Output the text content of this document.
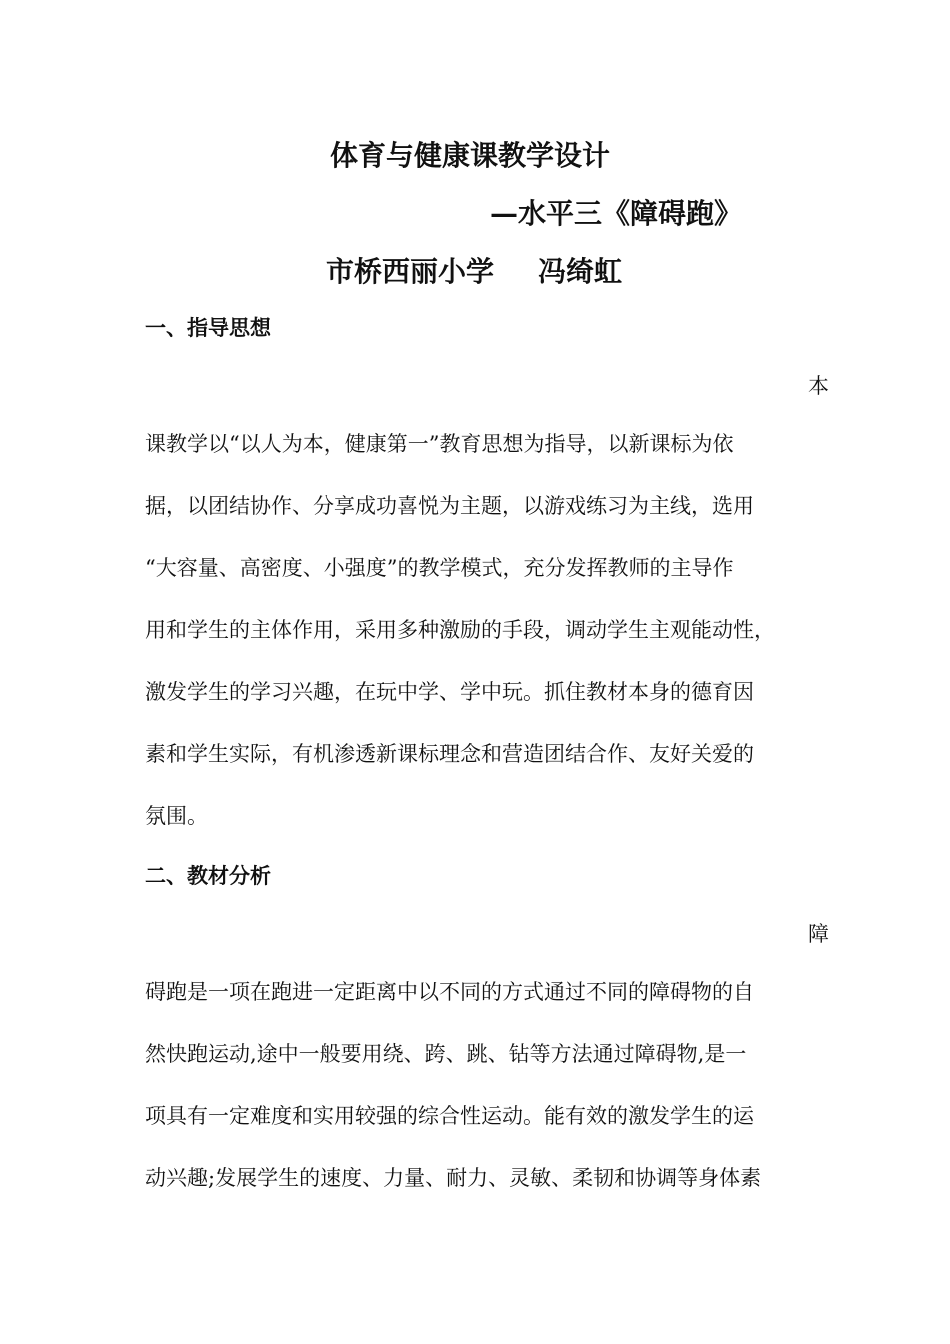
体育与健康课教学设计
—水平三《障碍跑》
市桥西丽小学 冯绮虹
一、指导思想
本
课教学以“以人为本，健康第一”教育思想为指导，以新课标为依
据，以团结协作、分享成功喜悦为主题，以游戏练习为主线，选用
“大容量、高密度、小强度”的教学模式，充分发挥教师的主导作
用和学生的主体作用，采用多种激励的手段，调动学生主观能动性，
激发学生的学习兴趣，在玩中学、学中玩。抓住教材本身的德育因
素和学生实际，有机渗透新课标理念和营造团结合作、友好关爱的
氛围。
二、教材分析
障
碍跑是一项在跑进一定距离中以不同的方式通过不同的障碍物的自
然快跑运动,途中一般要用绕、跨、跳、钻等方法通过障碍物,是一
项具有一定难度和实用较强的综合性运动。能有效的激发学生的运
动兴趣;发展学生的速度、力量、耐力、灵敏、柔韧和协调等身体素
